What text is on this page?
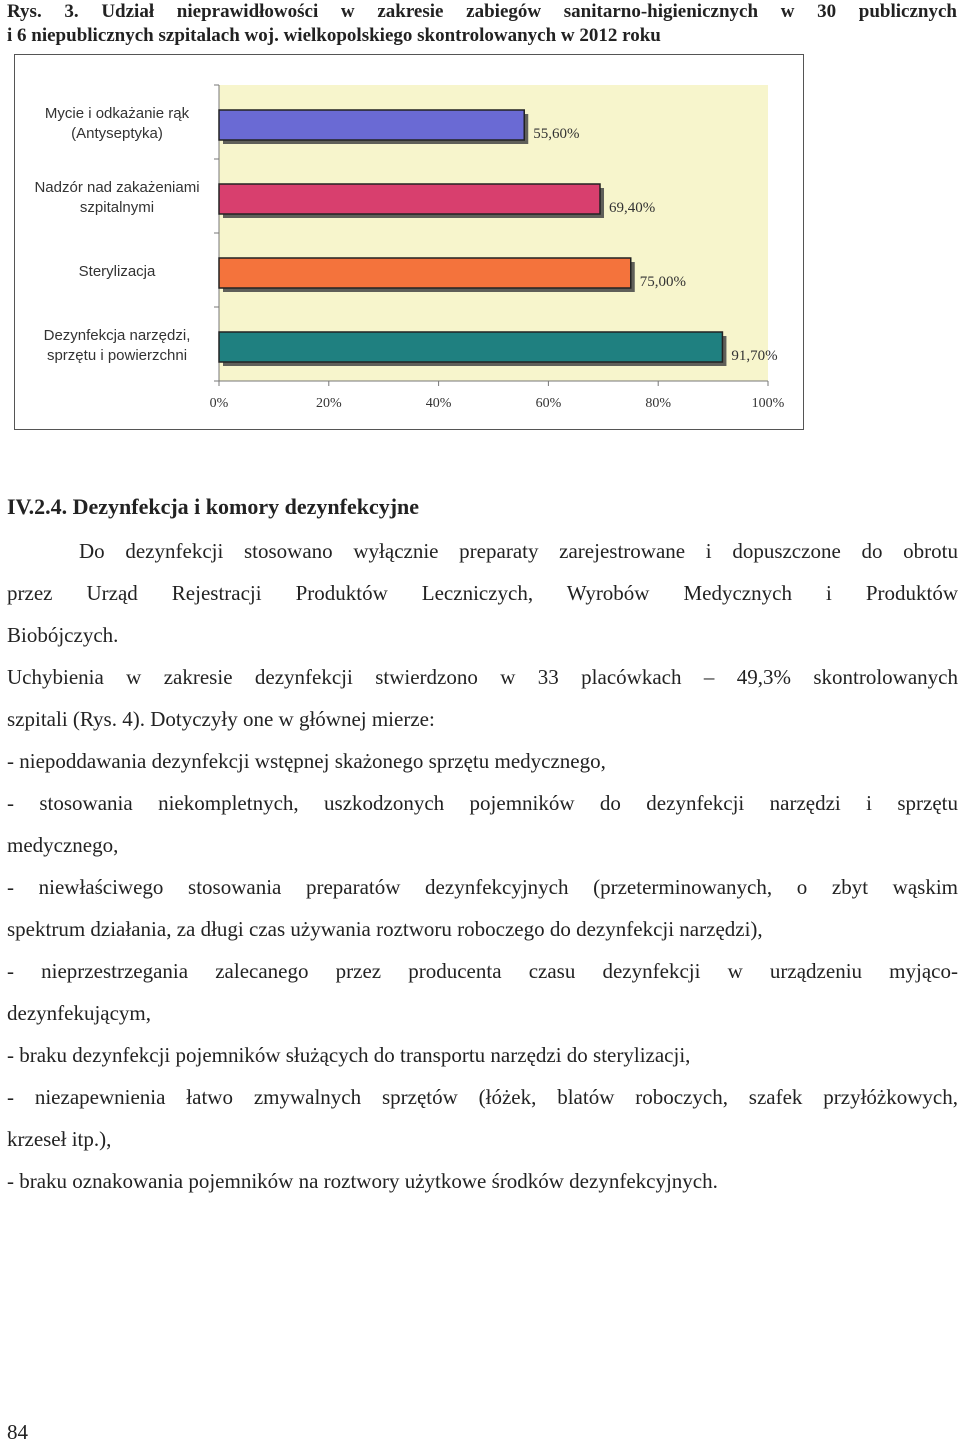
Rys. 3. Udział nieprawidłowości w zakresie zabiegów sanitarno-higienicznych w 30 publicznych
i 6 niepublicznych szpitalach woj. wielkopolskiego skontrolowanych w 2012 roku
0%	20%	40%	60%	80%	100%
55,60%
Mycie i odkażanie rąk
(Antyseptyka)
69,40%
Nadzór nad zakażeniami
szpitalnymi
75,00%
Sterylizacja
91,70%
Dezynfekcja narzędzi,
sprzętu i powierzchni
IV.2.4. Dezynfekcja i komory dezynfekcyjne
Do dezynfekcji stosowano wyłącznie preparaty zarejestrowane i dopuszczone do obrotu
przez Urząd Rejestracji Produktów Leczniczych, Wyrobów Medycznych i Produktów
Biobójczych.
Uchybienia w zakresie dezynfekcji stwierdzono w 33 placówkach – 49,3% skontrolowanych
szpitali (Rys. 4). Dotyczyły one w głównej mierze:
- niepoddawania dezynfekcji wstępnej skażonego sprzętu medycznego,
- stosowania niekompletnych, uszkodzonych pojemników do dezynfekcji narzędzi i sprzętu
medycznego,
- niewłaściwego stosowania preparatów dezynfekcyjnych (przeterminowanych, o zbyt wąskim
spektrum działania, za długi czas używania roztworu roboczego do dezynfekcji narzędzi),
- nieprzestrzegania zalecanego przez producenta czasu dezynfekcji w urządzeniu myjąco-
dezynfekującym,
- braku dezynfekcji pojemników służących do transportu narzędzi do sterylizacji,
- niezapewnienia łatwo zmywalnych sprzętów (łóżek, blatów roboczych, szafek przyłóżkowych,
krzeseł itp.),
- braku oznakowania pojemników na roztwory użytkowe środków dezynfekcyjnych.
84
